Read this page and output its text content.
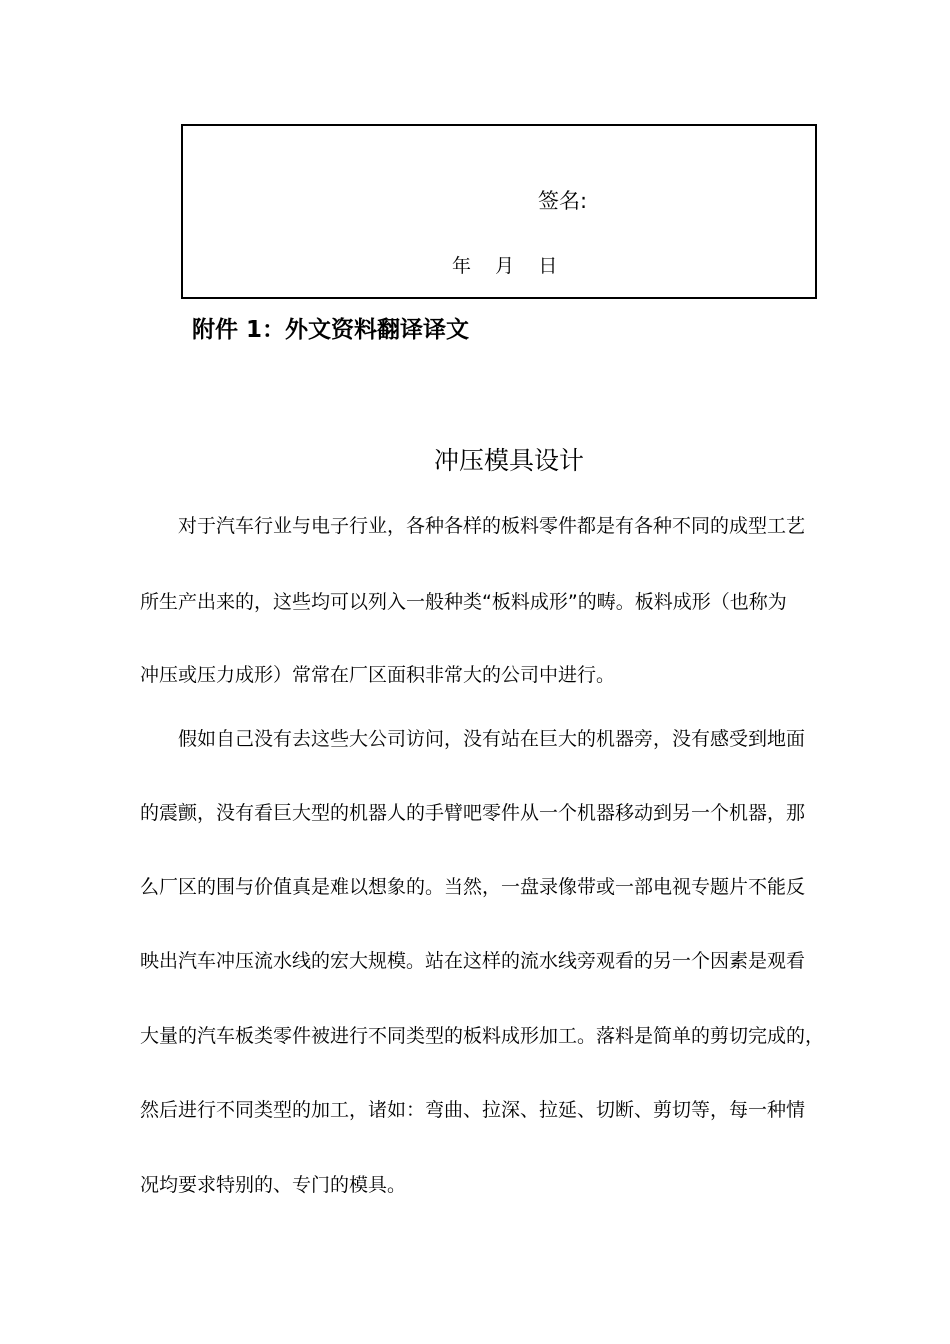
签名:
年    月    日
附件 1：外文资料翻译译文
冲压模具设计
对于汽车行业与电子行业，各种各样的板料零件都是有各种不同的成型工艺
所生产出来的，这些均可以列入一般种类“板料成形”的畴。板料成形（也称为
冲压或压力成形）常常在厂区面积非常大的公司中进行。
假如自己没有去这些大公司访问，没有站在巨大的机器旁，没有感受到地面
的震颤，没有看巨大型的机器人的手臂吧零件从一个机器移动到另一个机器，那
么厂区的围与价值真是难以想象的。当然，一盘录像带或一部电视专题片不能反
映出汽车冲压流水线的宏大规模。站在这样的流水线旁观看的另一个因素是观看
大量的汽车板类零件被进行不同类型的板料成形加工。落料是简单的剪切完成的，
然后进行不同类型的加工，诸如：弯曲、拉深、拉延、切断、剪切等，每一种情
况均要求特别的、专门的模具。
